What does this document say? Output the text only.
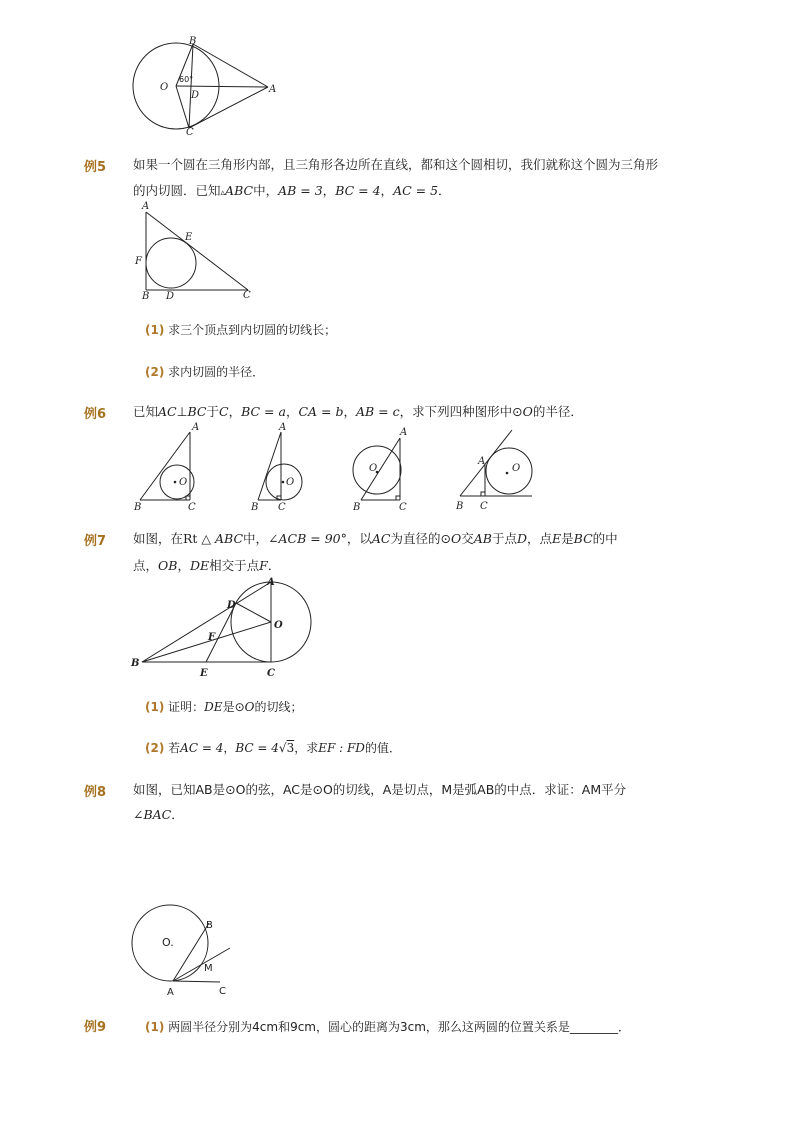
B
O
60°
D
A
C
例5 如果一个圆在三角形内部，且三角形各边所在直线，都和这个圆相切，我们就称这个圆为三角形
的内切圆．已知▵ABC中，AB = 3，BC = 4，AC = 5．
A
E
F
B D	C
(1) 求三个顶点到内切圆的切线长；
(2) 求内切圆的半径．
例6 已知AC⊥BC于C，BC = a，CA = b，AB = c，求下列四种图形中⊙O的半径．
A
O
B	C
A
O
B C
A
O
B	C
A
O
B C
例7 如图，在Rt △ ABC中，∠ACB = 90°，以AC为直径的⊙O交AB于点D，点E是BC的中
点，OB，DE相交于点F．
A
D
O
F
B
E	C
(1) 证明：DE是⊙O的切线；
(2) 若AC = 4，BC = 4√3，求EF : FD的值．
例8 如图，已知AB是⊙O的弦，AC是⊙O的切线，A是切点，M是弧AB的中点．求证：AM平分
∠BAC．
O.
B
M
A	C
例9	(1) 两圆半径分别为4cm和9cm，圆心的距离为3cm，那么这两圆的位置关系是________．
